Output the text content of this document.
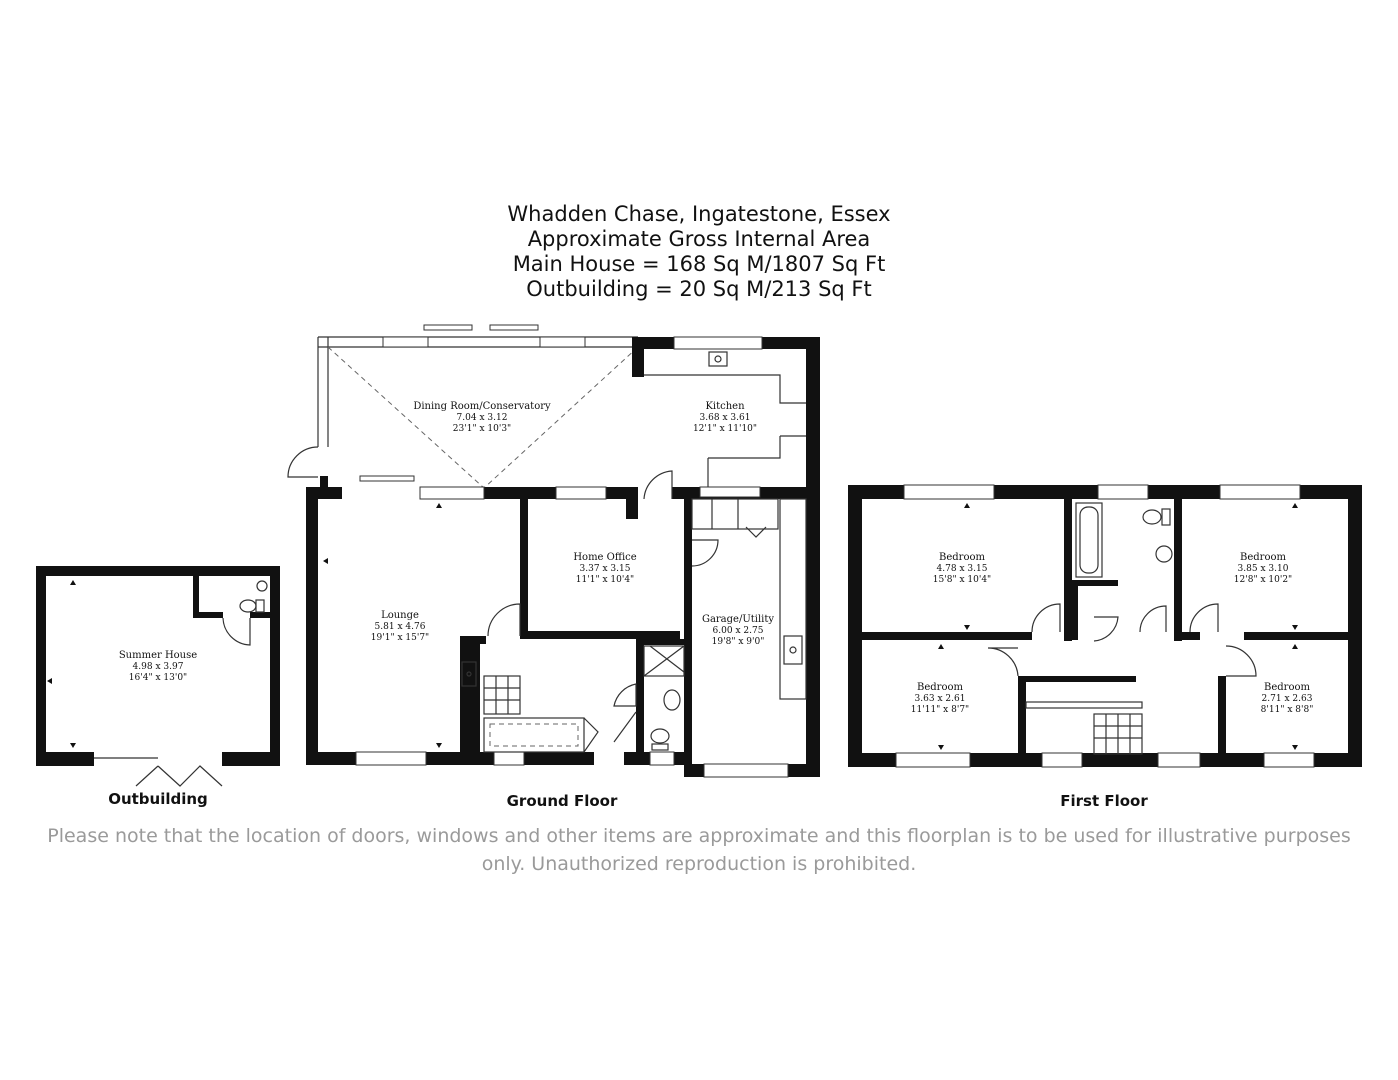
Whadden Chase, Ingatestone, Essex
Approximate Gross Internal Area
Main House = 168 Sq M/1807 Sq Ft
Outbuilding = 20 Sq M/213 Sq Ft
Summer House
4.98 x 3.97
16'4" x 13'0"
Dining Room/Conservatory
7.04 x 3.12
23'1" x 10'3"
Kitchen
3.68 x 3.61
12'1" x 11'10"
Lounge
5.81 x 4.76
19'1" x 15'7"
Home Office
3.37 x 3.15
11'1" x 10'4"
Garage/Utility
6.00 x 2.75
19'8" x 9'0"
Bedroom
4.78 x 3.15
15'8" x 10'4"
Bedroom
3.85 x 3.10
12'8" x 10'2"
Bedroom
3.63 x 2.61
11'11" x 8'7"
Bedroom
2.71 x 2.63
8'11" x 8'8"
Outbuilding	Ground Floor	First Floor
Please note that the location of doors, windows and other items are approximate and this floorplan is to be used for illustrative purposes only. Unauthorized reproduction is prohibited.
